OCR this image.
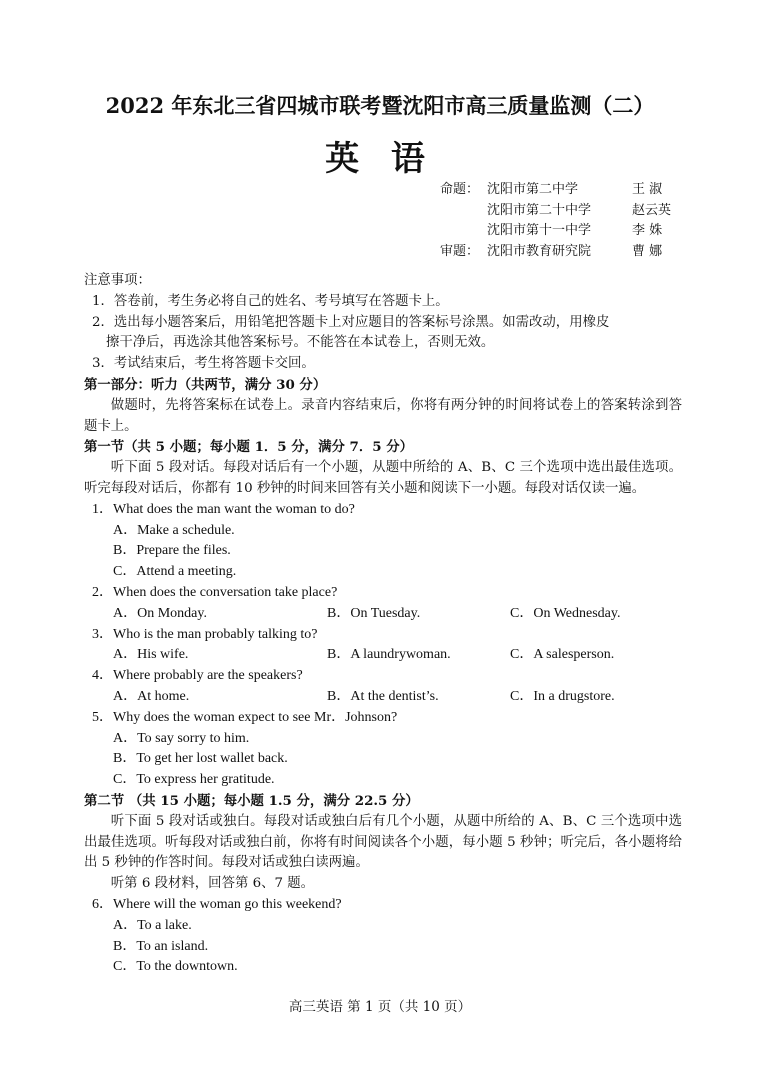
2022 年东北三省四城市联考暨沈阳市高三质量监测（二）
英 语
命题： 沈阳市第二中学	王 淑
沈阳市第二十中学	赵云英
沈阳市第十一中学	李 姝
审题： 沈阳市教育研究院	曹 娜
注意事项：
1．答卷前，考生务必将自己的姓名、考号填写在答题卡上。
2．选出每小题答案后，用铅笔把答题卡上对应题目的答案标号涂黑。如需改动，用橡皮
擦干净后，再选涂其他答案标号。不能答在本试卷上，否则无效。
3．考试结束后，考生将答题卡交回。
第一部分：听力（共两节，满分 30 分）
做题时，先将答案标在试卷上。录音内容结束后，你将有两分钟的时间将试卷上的答案转涂到答题卡上。
第一节（共 5 小题；每小题 1．5 分，满分 7．5 分）
听下面 5 段对话。每段对话后有一个小题，从题中所给的 A、B、C 三个选项中选出最佳选项。听完每段对话后，你都有 10 秒钟的时间来回答有关小题和阅读下一小题。每段对话仅读一遍。
1．What does the man want the woman to do?
A．Make a schedule.
B．Prepare the files.
C．Attend a meeting.
2．When does the conversation take place?
A．On Monday.	B．On Tuesday.	C．On Wednesday.
3．Who is the man probably talking to?
A．His wife.	B．A laundrywoman.	C．A salesperson.
4．Where probably are the speakers?
A．At home.	B．At the dentist’s.	C．In a drugstore.
5．Why does the woman expect to see Mr．Johnson?
A．To say sorry to him.
B．To get her lost wallet back.
C．To express her gratitude.
第二节 （共 15 小题；每小题 1.5 分，满分 22.5 分）
听下面 5 段对话或独白。每段对话或独白后有几个小题，从题中所给的 A、B、C 三个选项中选出最佳选项。听每段对话或独白前，你将有时间阅读各个小题，每小题 5 秒钟；听完后，各小题将给出 5 秒钟的作答时间。每段对话或独白读两遍。
听第 6 段材料，回答第 6、7 题。
6．Where will the woman go this weekend?
A．To a lake.
B．To an island.
C．To the downtown.
高三英语 第 1 页（共 10 页）
